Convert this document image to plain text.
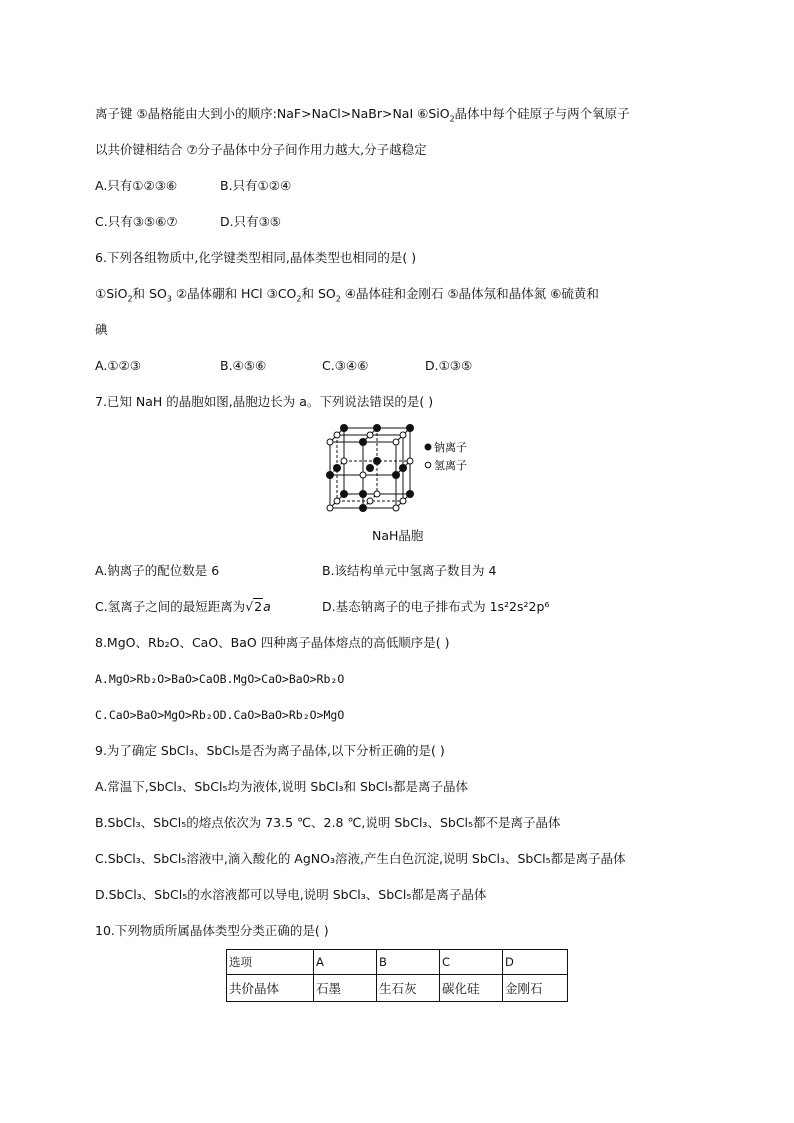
离子键 ⑤晶格能由大到小的顺序:NaF>NaCl>NaBr>NaI ⑥SiO$_2$晶体中每个硅原子与两个氧原子
以共价键相结合 ⑦分子晶体中分子间作用力越大,分子越稳定
A.只有①②③⑥	B.只有①②④
C.只有③⑤⑥⑦	D.只有③⑤
6.下列各组物质中,化学键类型相同,晶体类型也相同的是( )
①SiO$_2$和 $SO_3$ ②晶体硼和 HCl $③CO_2$和 $SO_2$ ④晶体硅和金刚石 ⑤晶体氖和晶体氮 ⑥硫黄和
碘
A.①②③	B.④⑤⑥	C.③④⑥	D.①③⑤
7.已知 NaH 的晶胞如图,晶胞边长为 a。下列说法错误的是( )
钠离子
氢离子
NaH晶胞
A.钠离子的配位数是 6	B.该结构单元中氢离子数目为 4
C.氢离子之间的最短距离为√2a	D.基态钠离子的电子排布式为 1s²2s²2p⁶
8.MgO、Rb₂O、CaO、BaO 四种离子晶体熔点的高低顺序是( )
A.MgO>Rb₂O>BaO>CaOB.MgO>CaO>BaO>Rb₂O
C.CaO>BaO>MgO>Rb₂OD.CaO>BaO>Rb₂O>MgO
9.为了确定 SbCl₃、SbCl₅是否为离子晶体,以下分析正确的是( )
A.常温下,SbCl₃、SbCl₅均为液体,说明 SbCl₃和 SbCl₅都是离子晶体
B.SbCl₃、SbCl₅的熔点依次为 73.5 ℃、2.8 ℃,说明 SbCl₃、SbCl₅都不是离子晶体
C.SbCl₃、SbCl₅溶液中,滴入酸化的 AgNO₃溶液,产生白色沉淀,说明 SbCl₃、SbCl₅都是离子晶体
D.SbCl₃、SbCl₅的水溶液都可以导电,说明 SbCl₃、SbCl₅都是离子晶体
10.下列物质所属晶体类型分类正确的是( )
选项	A	B	C	D
共价晶体	石墨	生石灰	碳化硅	金刚石
